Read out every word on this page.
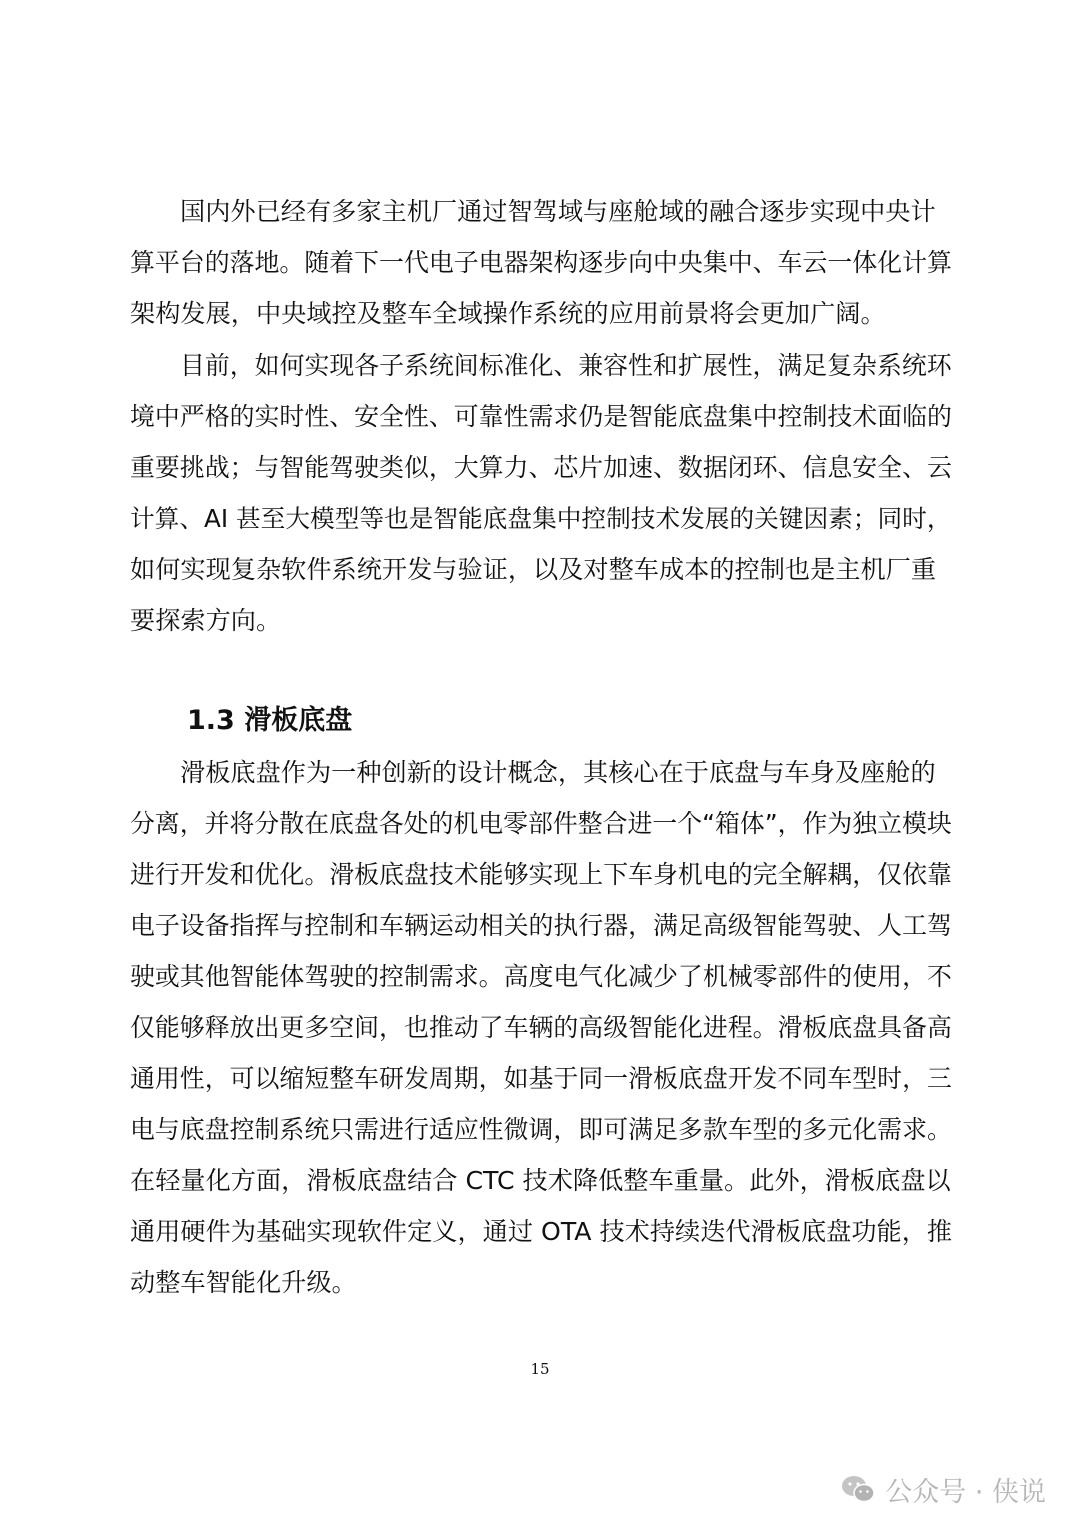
国内外已经有多家主机厂通过智驾域与座舱域的融合逐步实现中央计
算平台的落地。随着下一代电子电器架构逐步向中央集中、车云一体化计算
架构发展，中央域控及整车全域操作系统的应用前景将会更加广阔。

目前，如何实现各子系统间标准化、兼容性和扩展性，满足复杂系统环
境中严格的实时性、安全性、可靠性需求仍是智能底盘集中控制技术面临的
重要挑战；与智能驾驶类似，大算力、芯片加速、数据闭环、信息安全、云
计算、AI 甚至大模型等也是智能底盘集中控制技术发展的关键因素；同时，
如何实现复杂软件系统开发与验证，以及对整车成本的控制也是主机厂重
要探索方向。

1.3 滑板底盘

滑板底盘作为一种创新的设计概念，其核心在于底盘与车身及座舱的
分离，并将分散在底盘各处的机电零部件整合进一个“箱体”，作为独立模块
进行开发和优化。滑板底盘技术能够实现上下车身机电的完全解耦，仅依靠
电子设备指挥与控制和车辆运动相关的执行器，满足高级智能驾驶、人工驾
驶或其他智能体驾驶的控制需求。高度电气化减少了机械零部件的使用，不
仅能够释放出更多空间，也推动了车辆的高级智能化进程。滑板底盘具备高
通用性，可以缩短整车研发周期，如基于同一滑板底盘开发不同车型时，三
电与底盘控制系统只需进行适应性微调，即可满足多款车型的多元化需求。
在轻量化方面，滑板底盘结合 CTC 技术降低整车重量。此外，滑板底盘以
通用硬件为基础实现软件定义，通过 OTA 技术持续迭代滑板底盘功能，推
动整车智能化升级。

15
公众号 · 侠说
